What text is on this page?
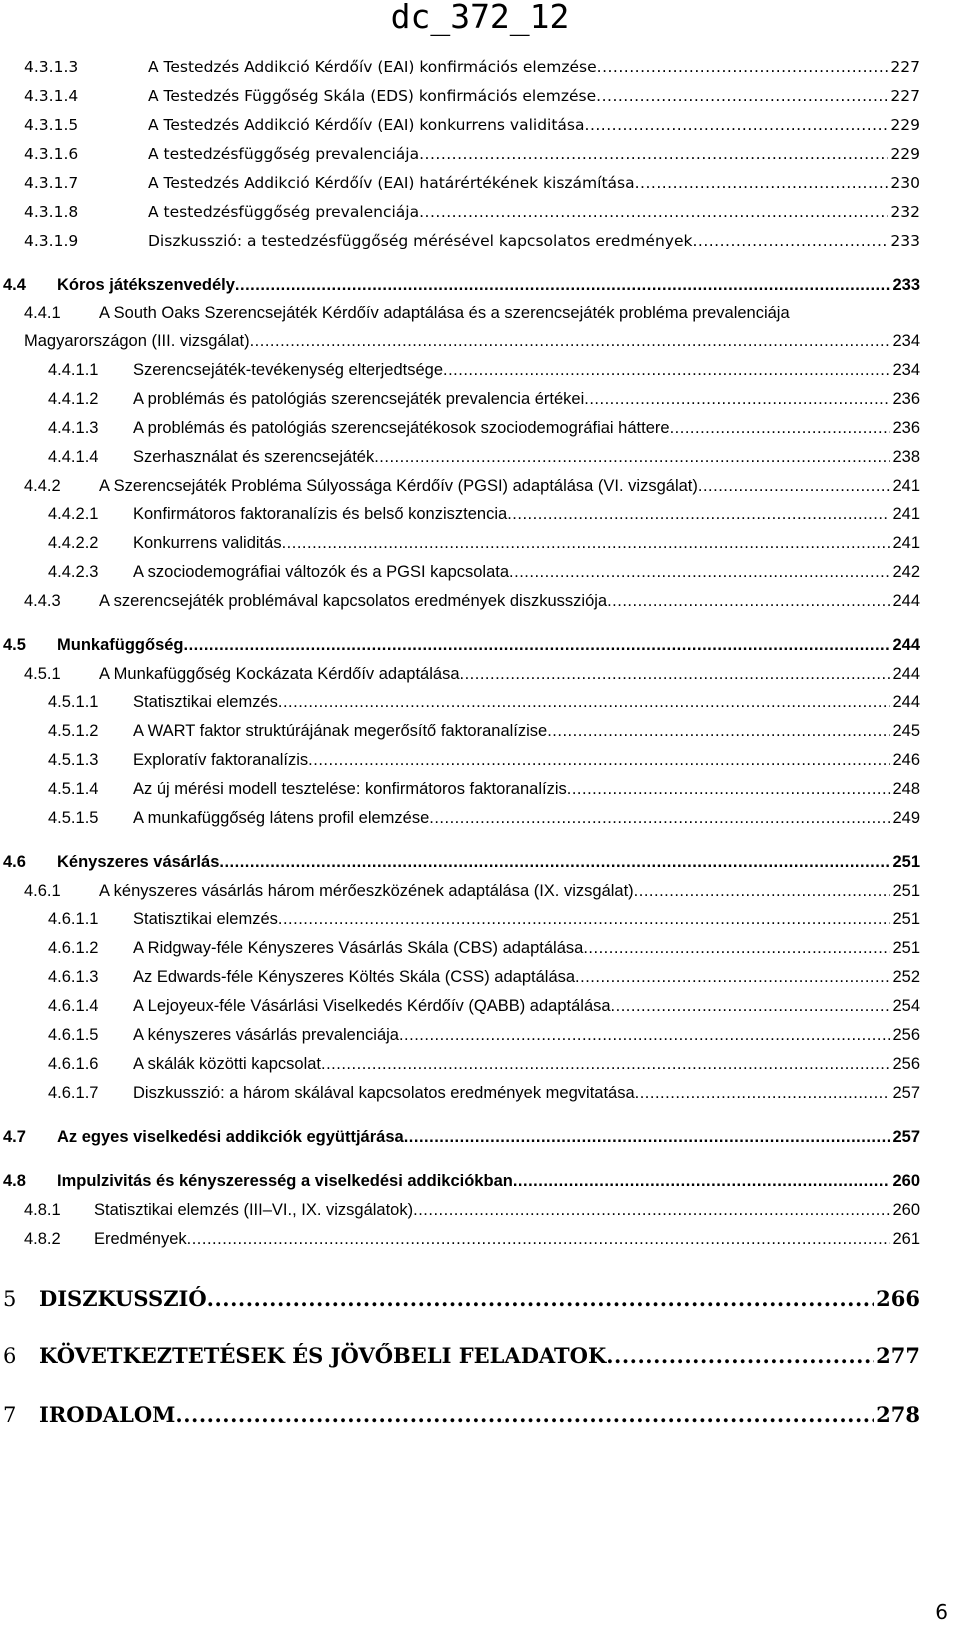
dc_372_12
4.3.1.3	A Testedzés Addikció Kérdőív (EAI) konfirmációs elemzése .....	227
4.3.1.4	A Testedzés Függőség Skála (EDS) konfirmációs elemzése .....	227
4.3.1.5	A Testedzés Addikció Kérdőív (EAI) konkurrens validitása .....	229
4.3.1.6	A testedzésfüggőség prevalenciája .....	229
4.3.1.7	A Testedzés Addikció Kérdőív (EAI) határértékének kiszámítása .....	230
4.3.1.8	A testedzésfüggőség prevalenciája .....	232
4.3.1.9	Diszkusszió: a testedzésfüggőség mérésével kapcsolatos eredmények .....	233
4.4	Kóros játékszenvedély .....	233
4.4.1	A South Oaks Szerencsejáték Kérdőív adaptálása és a szerencsejáték probléma prevalenciája
Magyarországon (III. vizsgálat) .....	234
4.4.1.1	Szerencsejáték-tevékenység elterjedtsége .....	234
4.4.1.2	A problémás és patológiás szerencsejáték prevalencia értékei .....	236
4.4.1.3	A problémás és patológiás szerencsejátékosok szociodemográfiai háttere .....	236
4.4.1.4	Szerhasználat és szerencsejáték .....	238
4.4.2	A Szerencsejáték Probléma Súlyossága Kérdőív (PGSI) adaptálása (VI. vizsgálat) .....	241
4.4.2.1	Konfirmátoros faktoranalízis és belső konzisztencia .....	241
4.4.2.2	Konkurrens validitás .....	241
4.4.2.3	A szociodemográfiai változók és a PGSI kapcsolata .....	242
4.4.3	A szerencsejáték problémával kapcsolatos eredmények diszkussziója .....	244
4.5	Munkafüggőség .....	244
4.5.1	A Munkafüggőség Kockázata Kérdőív adaptálása .....	244
4.5.1.1	Statisztikai elemzés .....	244
4.5.1.2	A WART faktor struktúrájának megerősítő faktoranalízise .....	245
4.5.1.3	Exploratív faktoranalízis .....	246
4.5.1.4	Az új mérési modell tesztelése: konfirmátoros faktoranalízis .....	248
4.5.1.5	A munkafüggőség látens profil elemzése .....	249
4.6	Kényszeres vásárlás .....	251
4.6.1	A kényszeres vásárlás három mérőeszközének adaptálása (IX. vizsgálat) .....	251
4.6.1.1	Statisztikai elemzés .....	251
4.6.1.2	A Ridgway-féle Kényszeres Vásárlás Skála (CBS) adaptálása .....	251
4.6.1.3	Az Edwards-féle Kényszeres Költés Skála (CSS) adaptálása .....	252
4.6.1.4	A Lejoyeux-féle Vásárlási Viselkedés Kérdőív (QABB) adaptálása .....	254
4.6.1.5	A kényszeres vásárlás prevalenciája .....	256
4.6.1.6	A skálák közötti kapcsolat .....	256
4.6.1.7	Diszkusszió: a három skálával kapcsolatos eredmények megvitatása .....	257
4.7	Az egyes viselkedési addikciók együttjárása .....	257
4.8	Impulzivitás és kényszeresség a viselkedési addikciókban .....	260
4.8.1	Statisztikai elemzés (III–VI., IX. vizsgálatok) .....	260
4.8.2	Eredmények .....	261
5	DISZKUSSZIÓ .....	266
6	KÖVETKEZTETÉSEK ÉS JÖVŐBELI FELADATOK .....	277
7	IRODALOM .....	278
6
